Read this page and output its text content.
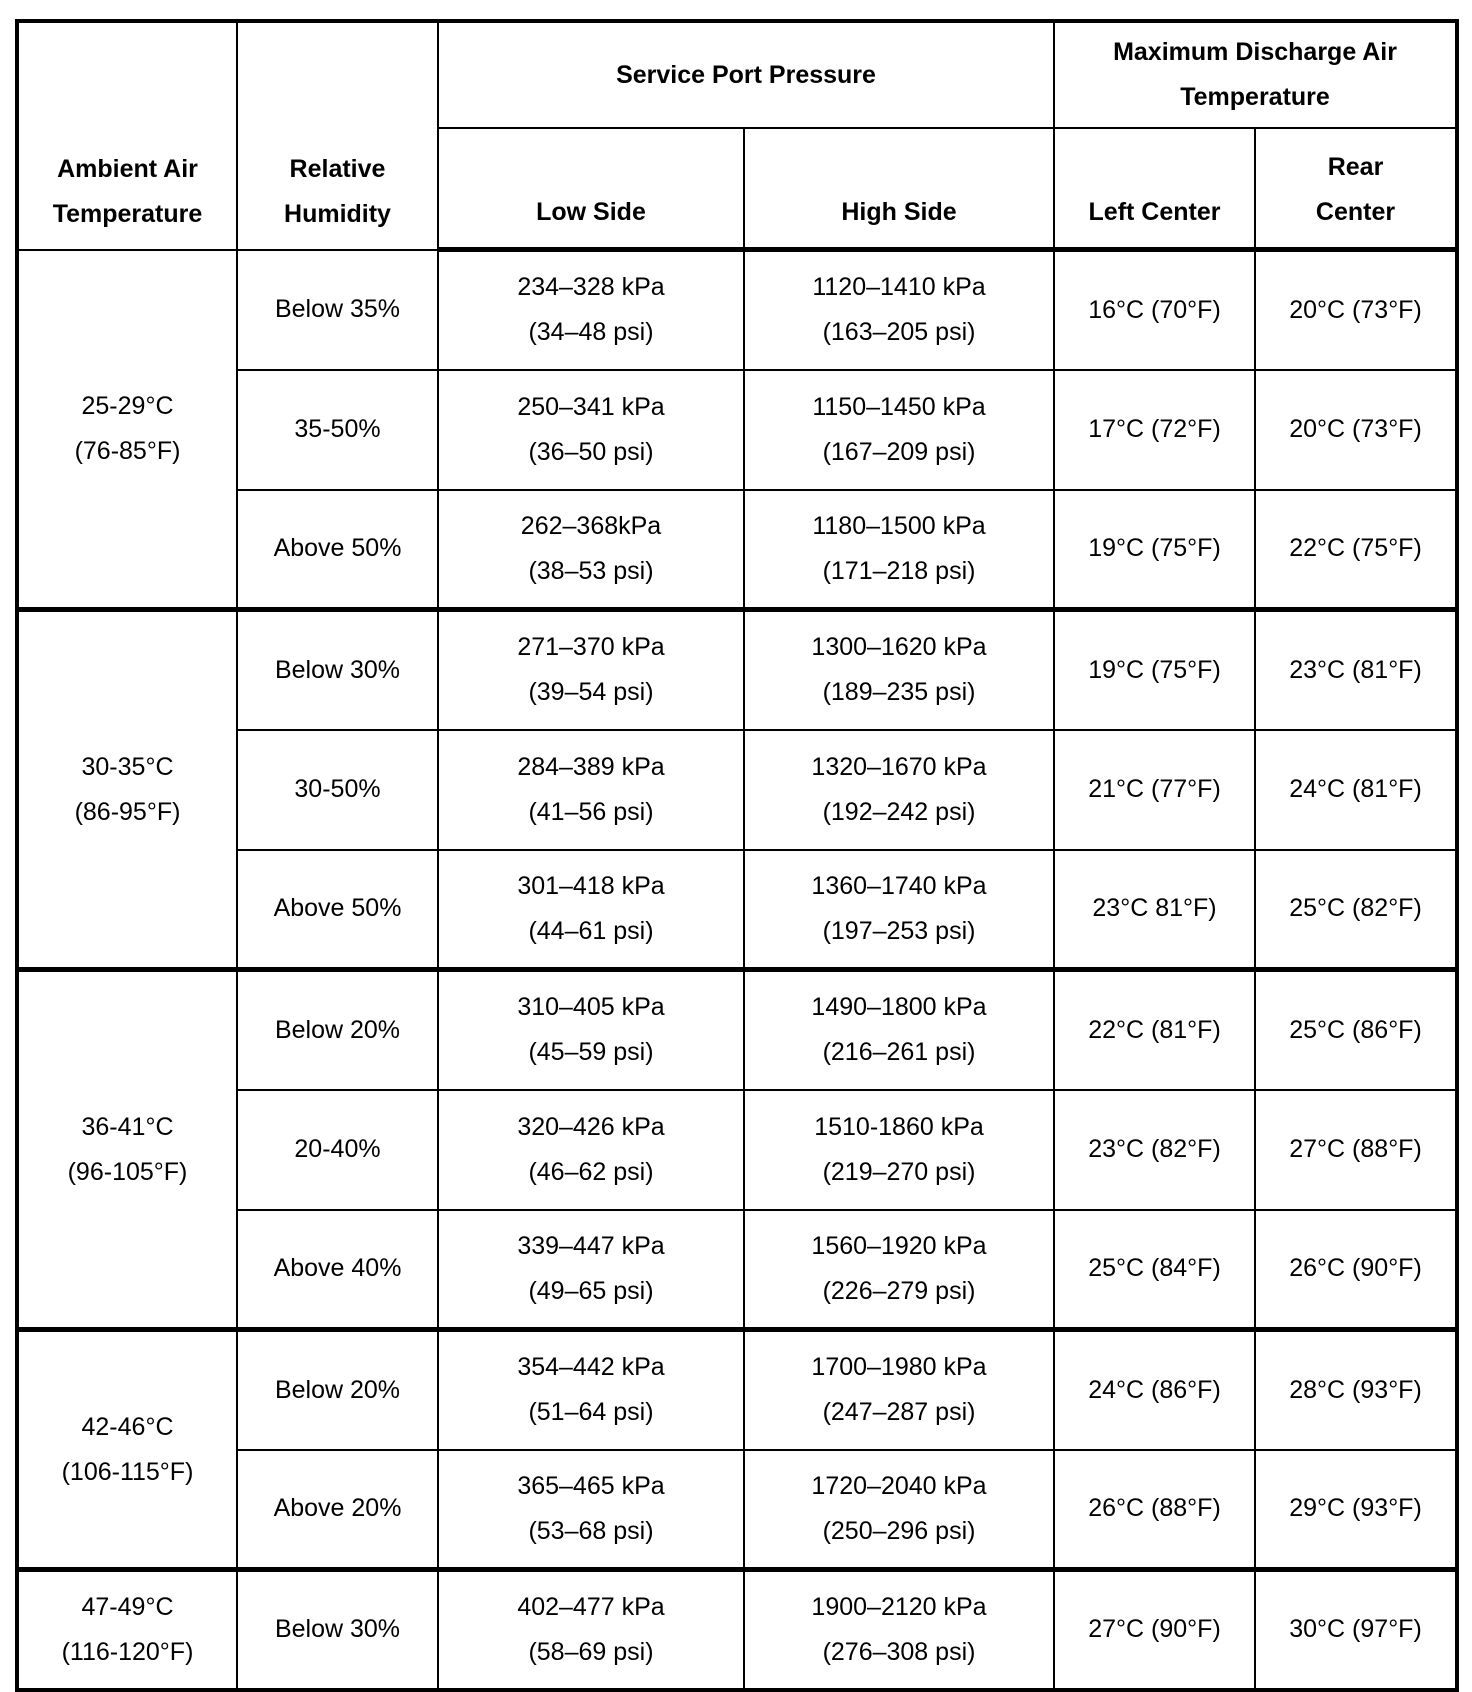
Ambient Air
Temperature	Relative
Humidity	Service Port Pressure		Maximum Discharge Air
Temperature	

		Low Side	High Side	Left Center	Rear
Center

25-29°C
(76-85°F)	Below 35%	234–328 kPa
(34–48 psi)	1120–1410 kPa
(163–205 psi)	16°C (70°F)	20°C (73°F)
	35-50%	250–341 kPa
(36–50 psi)	1150–1450 kPa
(167–209 psi)	17°C (72°F)	20°C (73°F)
	Above 50%	262–368kPa
(38–53 psi)	1180–1500 kPa
(171–218 psi)	19°C (75°F)	22°C (75°F)

30-35°C
(86-95°F)	Below 30%	271–370 kPa
(39–54 psi)	1300–1620 kPa
(189–235 psi)	19°C (75°F)	23°C (81°F)
	30-50%	284–389 kPa
(41–56 psi)	1320–1670 kPa
(192–242 psi)	21°C (77°F)	24°C (81°F)
	Above 50%	301–418 kPa
(44–61 psi)	1360–1740 kPa
(197–253 psi)	23°C 81°F)	25°C (82°F)

36-41°C
(96-105°F)	Below 20%	310–405 kPa
(45–59 psi)	1490–1800 kPa
(216–261 psi)	22°C (81°F)	25°C (86°F)
	20-40%	320–426 kPa
(46–62 psi)	1510-1860 kPa
(219–270 psi)	23°C (82°F)	27°C (88°F)
	Above 40%	339–447 kPa
(49–65 psi)	1560–1920 kPa
(226–279 psi)	25°C (84°F)	26°C (90°F)

42-46°C
(106-115°F)	Below 20%	354–442 kPa
(51–64 psi)	1700–1980 kPa
(247–287 psi)	24°C (86°F)	28°C (93°F)
	Above 20%	365–465 kPa
(53–68 psi)	1720–2040 kPa
(250–296 psi)	26°C (88°F)	29°C (93°F)

47-49°C
(116-120°F)	Below 30%	402–477 kPa
(58–69 psi)	1900–2120 kPa
(276–308 psi)	27°C (90°F)	30°C (97°F)
